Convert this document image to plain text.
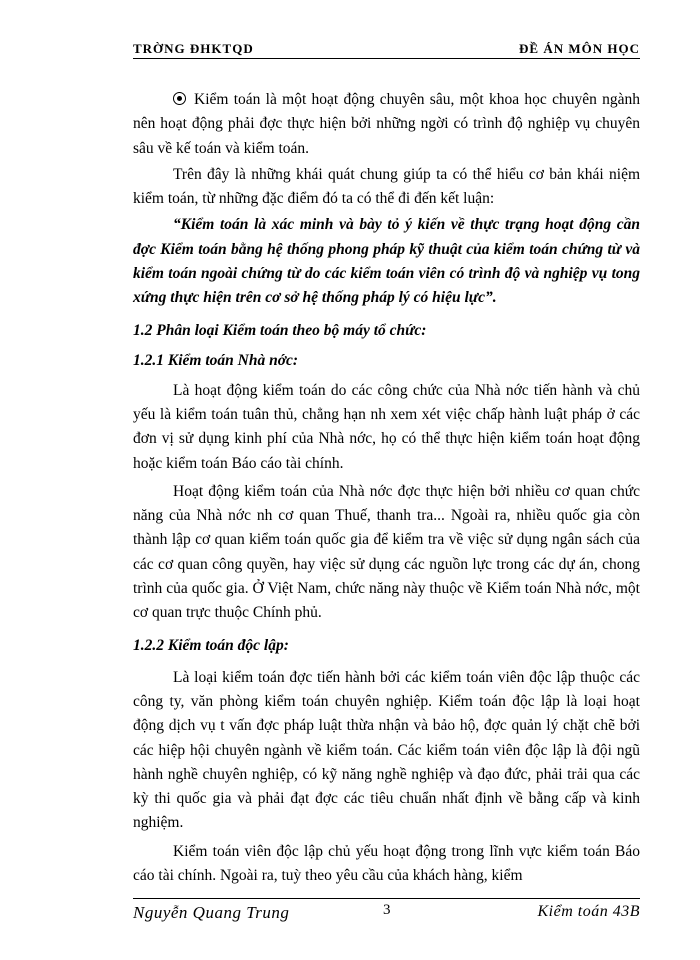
TRỜNG ĐHKTQD	ĐỀ ÁN MÔN HỌC

Kiểm toán là một hoạt động chuyên sâu, một khoa học chuyên ngành nên hoạt động phải đợc thực hiện bởi những ngời có trình độ nghiệp vụ chuyên sâu về kế toán và kiểm toán.

Trên đây là những khái quát chung giúp ta có thể hiểu cơ bản khái niệm kiểm toán, từ những đặc điểm đó ta có thể đi đến kết luận:

“Kiểm toán là xác minh và bày tỏ ý kiến về thực trạng hoạt động cần đợc Kiểm toán bằng hệ thống phong pháp kỹ thuật của kiểm toán chứng từ và kiểm toán ngoài chứng từ do các kiểm toán viên có trình độ và nghiệp vụ tong xứng thực hiện trên cơ sở hệ thống pháp lý có hiệu lực”.

1.2 Phân loại Kiểm toán theo bộ máy tổ chức:

1.2.1 Kiểm toán Nhà nớc:

Là hoạt động kiểm toán do các công chức của Nhà nớc tiến hành và chủ yếu là kiểm toán tuân thủ, chẳng hạn nh xem xét việc chấp hành luật pháp ở các đơn vị sử dụng kinh phí của Nhà nớc, họ có thể thực hiện kiểm toán hoạt động hoặc kiểm toán Báo cáo tài chính.

Hoạt động kiểm toán của Nhà nớc đợc thực hiện bởi nhiều cơ quan chức năng của Nhà nớc nh cơ quan Thuế, thanh tra... Ngoài ra, nhiều quốc gia còn thành lập cơ quan kiểm toán quốc gia để kiểm tra về việc sử dụng ngân sách của các cơ quan công quyền, hay việc sử dụng các nguồn lực trong các dự án, chong trình của quốc gia. Ở Việt Nam, chức năng này thuộc về Kiểm toán Nhà nớc, một cơ quan trực thuộc Chính phủ.

1.2.2 Kiểm toán độc lập:

Là loại kiểm toán đợc tiến hành bởi các kiểm toán viên độc lập thuộc các công ty, văn phòng kiểm toán chuyên nghiệp. Kiểm toán độc lập là loại hoạt động dịch vụ t vấn đợc pháp luật thừa nhận và bảo hộ, đợc quản lý chặt chẽ bởi các hiệp hội chuyên ngành về kiểm toán. Các kiểm toán viên độc lập là đội ngũ hành nghề chuyên nghiệp, có kỹ năng nghề nghiệp và đạo đức, phải trải qua các kỳ thi quốc gia và phải đạt đợc các tiêu chuẩn nhất định về bằng cấp và kinh nghiệm.

Kiểm toán viên độc lập chủ yếu hoạt động trong lĩnh vực kiểm toán Báo cáo tài chính. Ngoài ra, tuỳ theo yêu cầu của khách hàng, kiểm

Nguyễn Quang Trung	3	Kiểm toán 43B
